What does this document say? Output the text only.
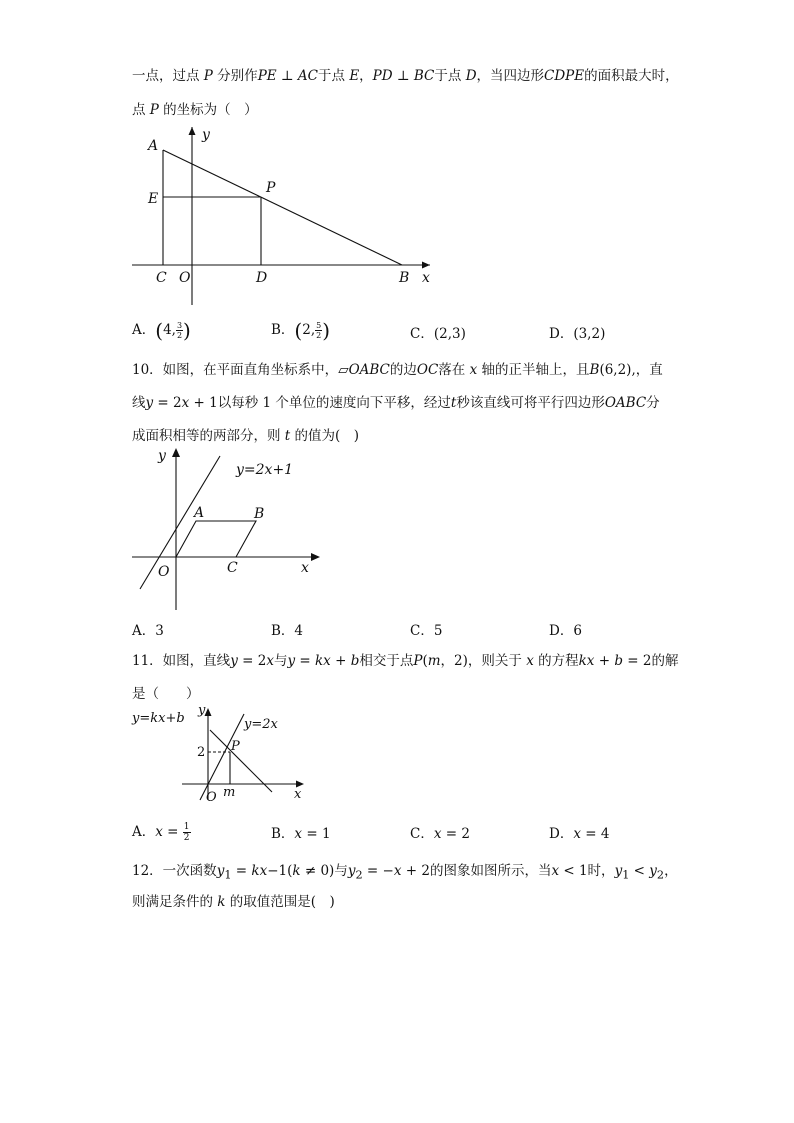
一点，过点 P 分别作PE ⊥ AC于点 E，PD ⊥ BC于点 D，当四边形CDPE的面积最大时，
点 P 的坐标为（　）
A
y
E
P
C O	D	B x
A．(4, $\frac{3}{2}$ )	B．(2, $\frac{5}{2}$ )	C．(2,3)	D．(3,2)
10．如图，在平面直角坐标系中，▱OABC的边OC落在 x 轴的正半轴上，且B(6,2),，直
线y = 2x + 1以每秒 1 个单位的速度向下平移，经过t秒该直线可将平行四边形OABC分
成面积相等的两部分，则 t 的值为(　)
y
y=2x+1
A	B
O	C	x
A．3	B．4	C．5	D．6
11．如图，直线y = 2x与y = kx + b相交于点P(m，2)，则关于 x 的方程kx + b = 2的解
是（　　）
y=kx+b
y
y=2x
2 P
O m	x
A．$x = \frac{1}{2}$	B．x = 1	C．x = 2	D．x = 4
12．一次函数$y_1 = kx-1(k \ne 0)$与$y_2 = -x + 2$的图象如图所示，当x < 1时，$y_1 < y_2$，
则满足条件的 k 的取值范围是(　)
